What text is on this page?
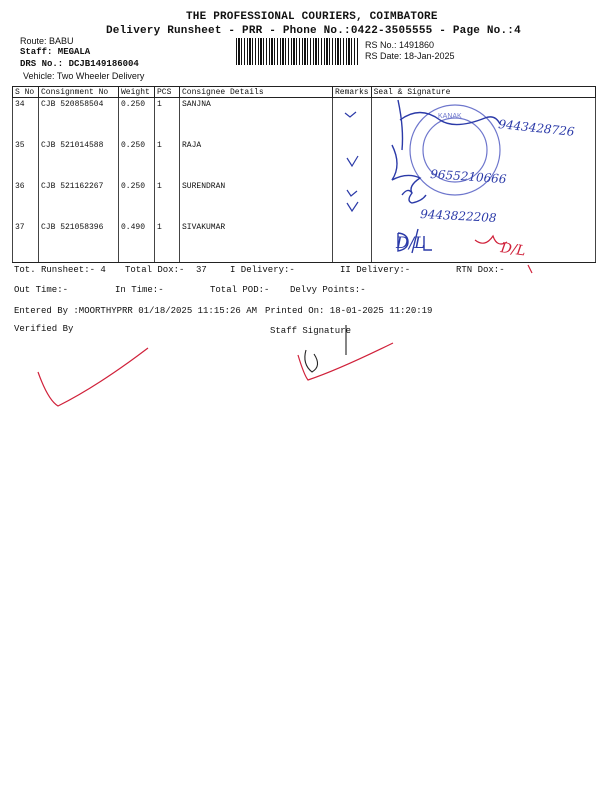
THE PROFESSIONAL COURIERS, COIMBATORE
Delivery Runsheet - PRR - Phone No.:0422-3505555 - Page No.:4
Route: BABU
Staff: MEGALA
DRS No.: DCJB149186004
Vehicle: Two Wheeler Delivery
RS No.: 1491860
RS Date: 18-Jan-2025
S No	Consignment No	Weight	PCS	Consignee Details	Remarks	Seal & Signature
34	CJB 520858504	0.250	1	SANJNA		
35	CJB 521014588	0.250	1	RAJA		
36	CJB 521162267	0.250	1	SURENDRAN		
37	CJB 521058396	0.490	1	SIVAKUMAR		
Tot. Runsheet:- 4 Total Dox:- 37	I Delivery:-	II Delivery:-	RTN Dox:-
Out Time:-	In Time:-	Total POD:- Delvy Points:-
Entered By :MOORTHYPRR 01/18/2025 11:15:26 AM Printed On: 18-01-2025 11:20:19
Verified By	Staff Signature
KANAK
9443428726
9655210666
9443822208
D/L	D/L
